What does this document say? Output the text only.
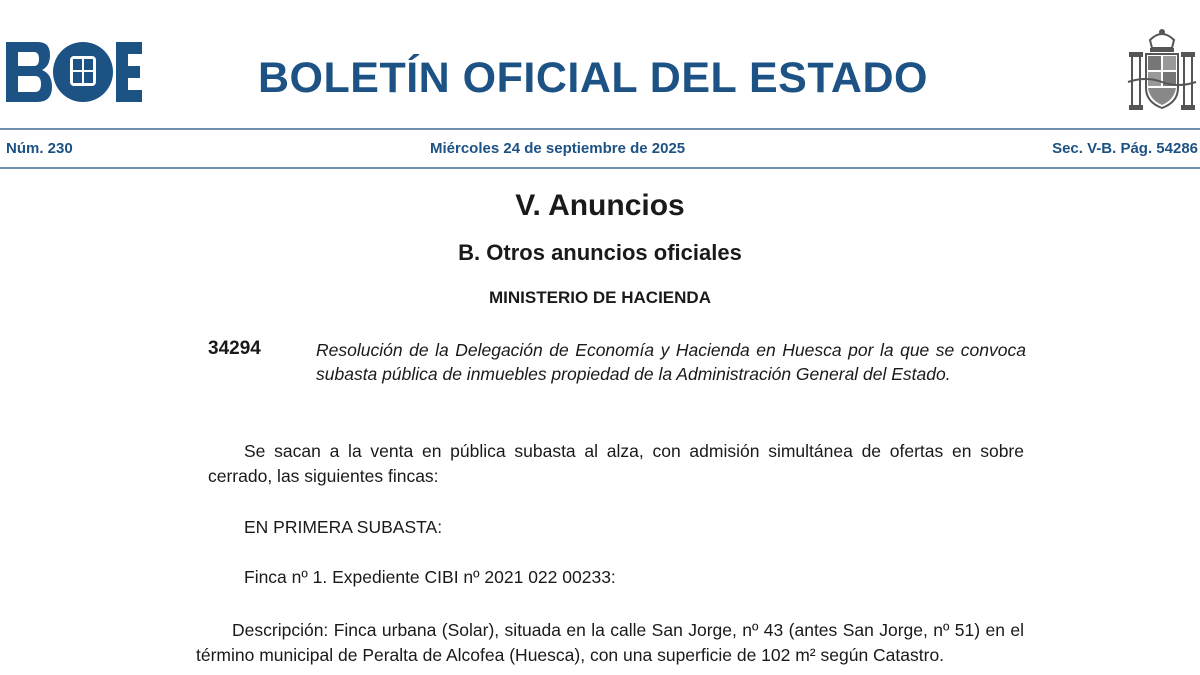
BOLETÍN OFICIAL DEL ESTADO
Núm. 230	Miércoles 24 de septiembre de 2025	Sec. V-B. Pág. 54286
V. Anuncios
B. Otros anuncios oficiales
MINISTERIO DE HACIENDA
34294	Resolución de la Delegación de Economía y Hacienda en Huesca por la que se convoca subasta pública de inmuebles propiedad de la Administración General del Estado.
Se sacan a la venta en pública subasta al alza, con admisión simultánea de ofertas en sobre cerrado, las siguientes fincas:
EN PRIMERA SUBASTA:
Finca nº 1. Expediente CIBI nº 2021 022 00233:
Descripción: Finca urbana (Solar), situada en la calle San Jorge, nº 43 (antes San Jorge, nº 51) en el término municipal de Peralta de Alcofea (Huesca), con una superficie de 102 m² según Catastro.
